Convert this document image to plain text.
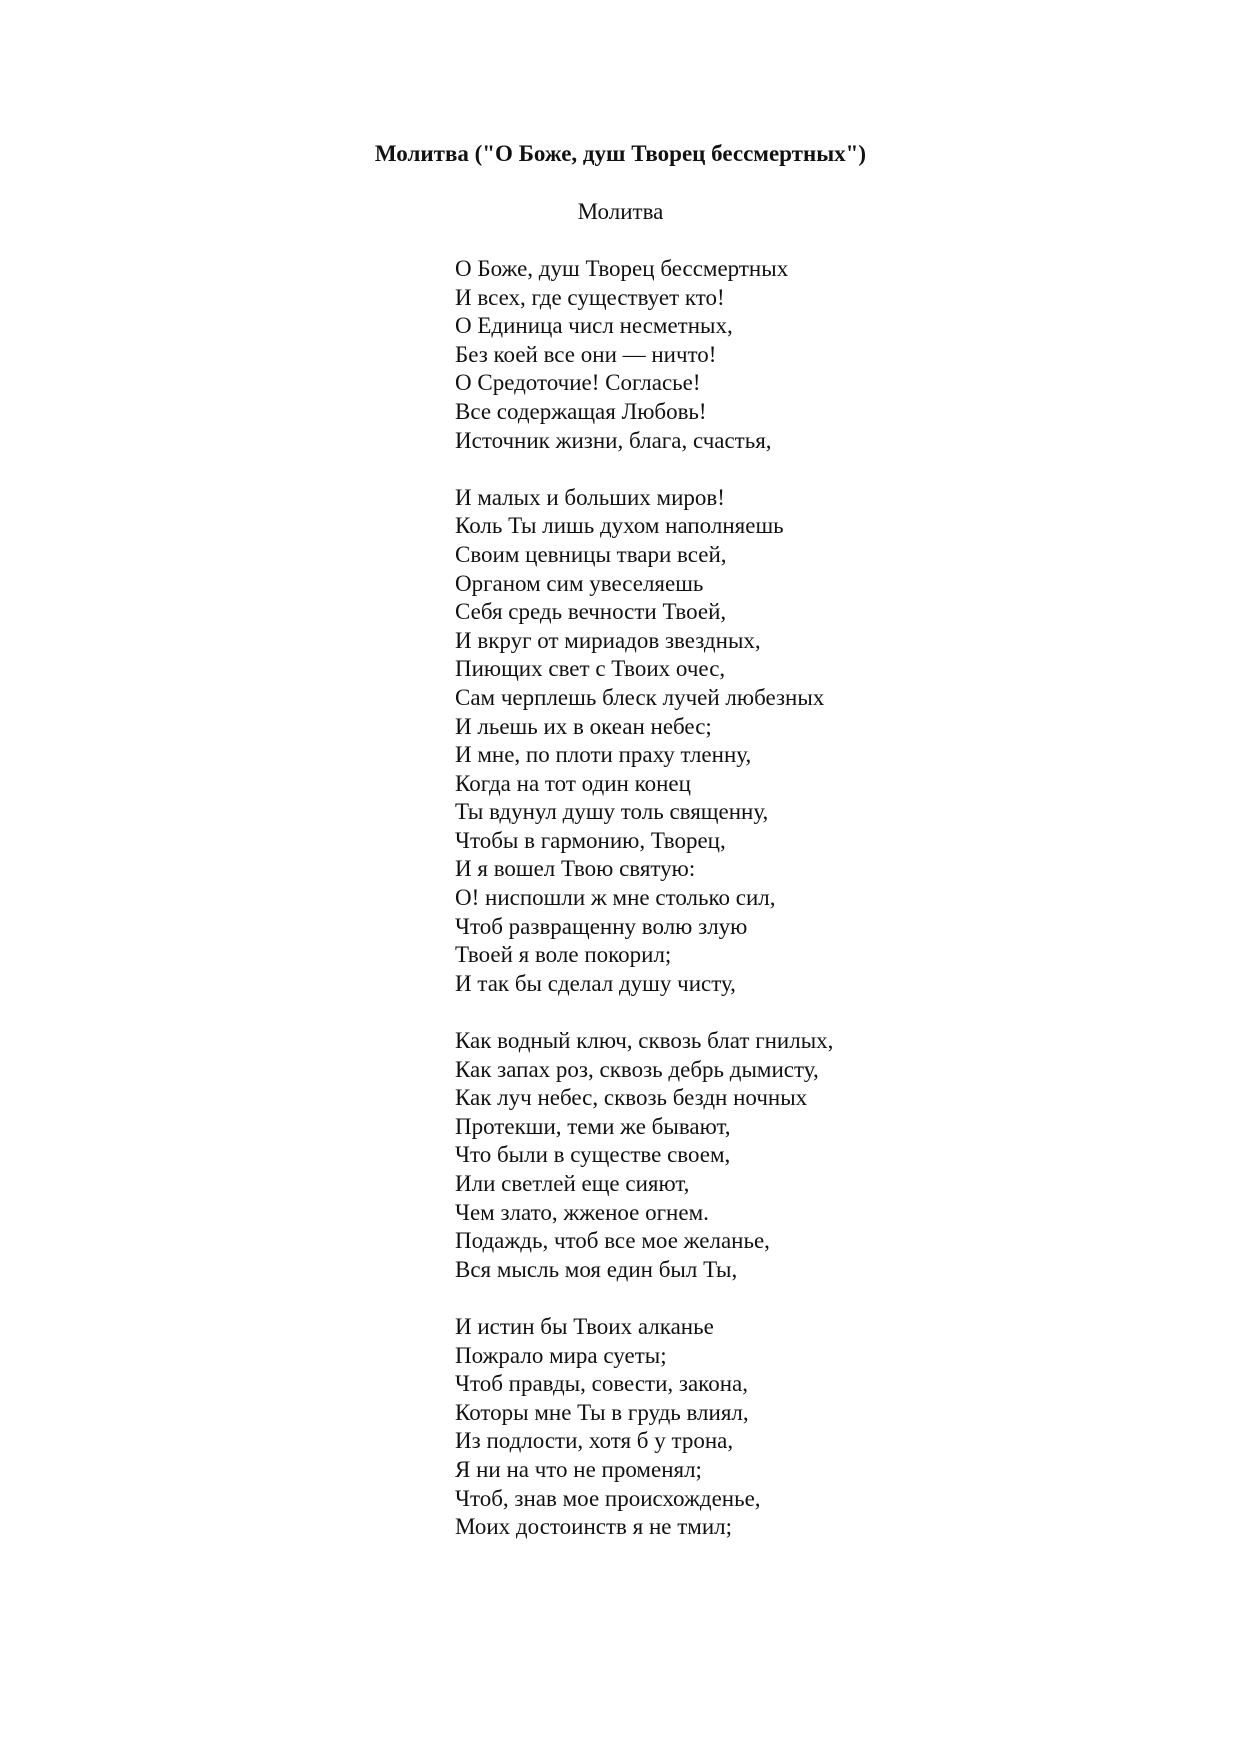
Молитва ("О Боже, душ Творец бессмертных")
Молитва
О Боже, душ Творец бессмертных
И всех, где существует кто!
О Единица числ несметных,
Без коей все они — ничто!
О Средоточие! Согласье!
Все содержащая Любовь!
Источник жизни, блага, счастья,
И малых и больших миров!
Коль Ты лишь духом наполняешь
Своим цевницы твари всей,
Органом сим увеселяешь
Себя средь вечности Твоей,
И вкруг от мириадов звездных,
Пиющих свет с Твоих очес,
Сам черплешь блеск лучей любезных
И льешь их в океан небес;
И мне, по плоти праху тленну,
Когда на тот один конец
Ты вдунул душу толь священну,
Чтобы в гармонию, Творец,
И я вошел Твою святую:
О! ниспошли ж мне столько сил,
Чтоб развращенну волю злую
Твоей я воле покорил;
И так бы сделал душу чисту,
Как водный ключ, сквозь блат гнилых,
Как запах роз, сквозь дебрь дымисту,
Как луч небес, сквозь бездн ночных
Протекши, теми же бывают,
Что были в существе своем,
Или светлей еще сияют,
Чем злато, жженое огнем.
Подаждь, чтоб все мое желанье,
Вся мысль моя един был Ты,
И истин бы Твоих алканье
Пожрало мира суеты;
Чтоб правды, совести, закона,
Которы мне Ты в грудь влиял,
Из подлости, хотя б у трона,
Я ни на что не променял;
Чтоб, знав мое происхожденье,
Моих достоинств я не тмил;
